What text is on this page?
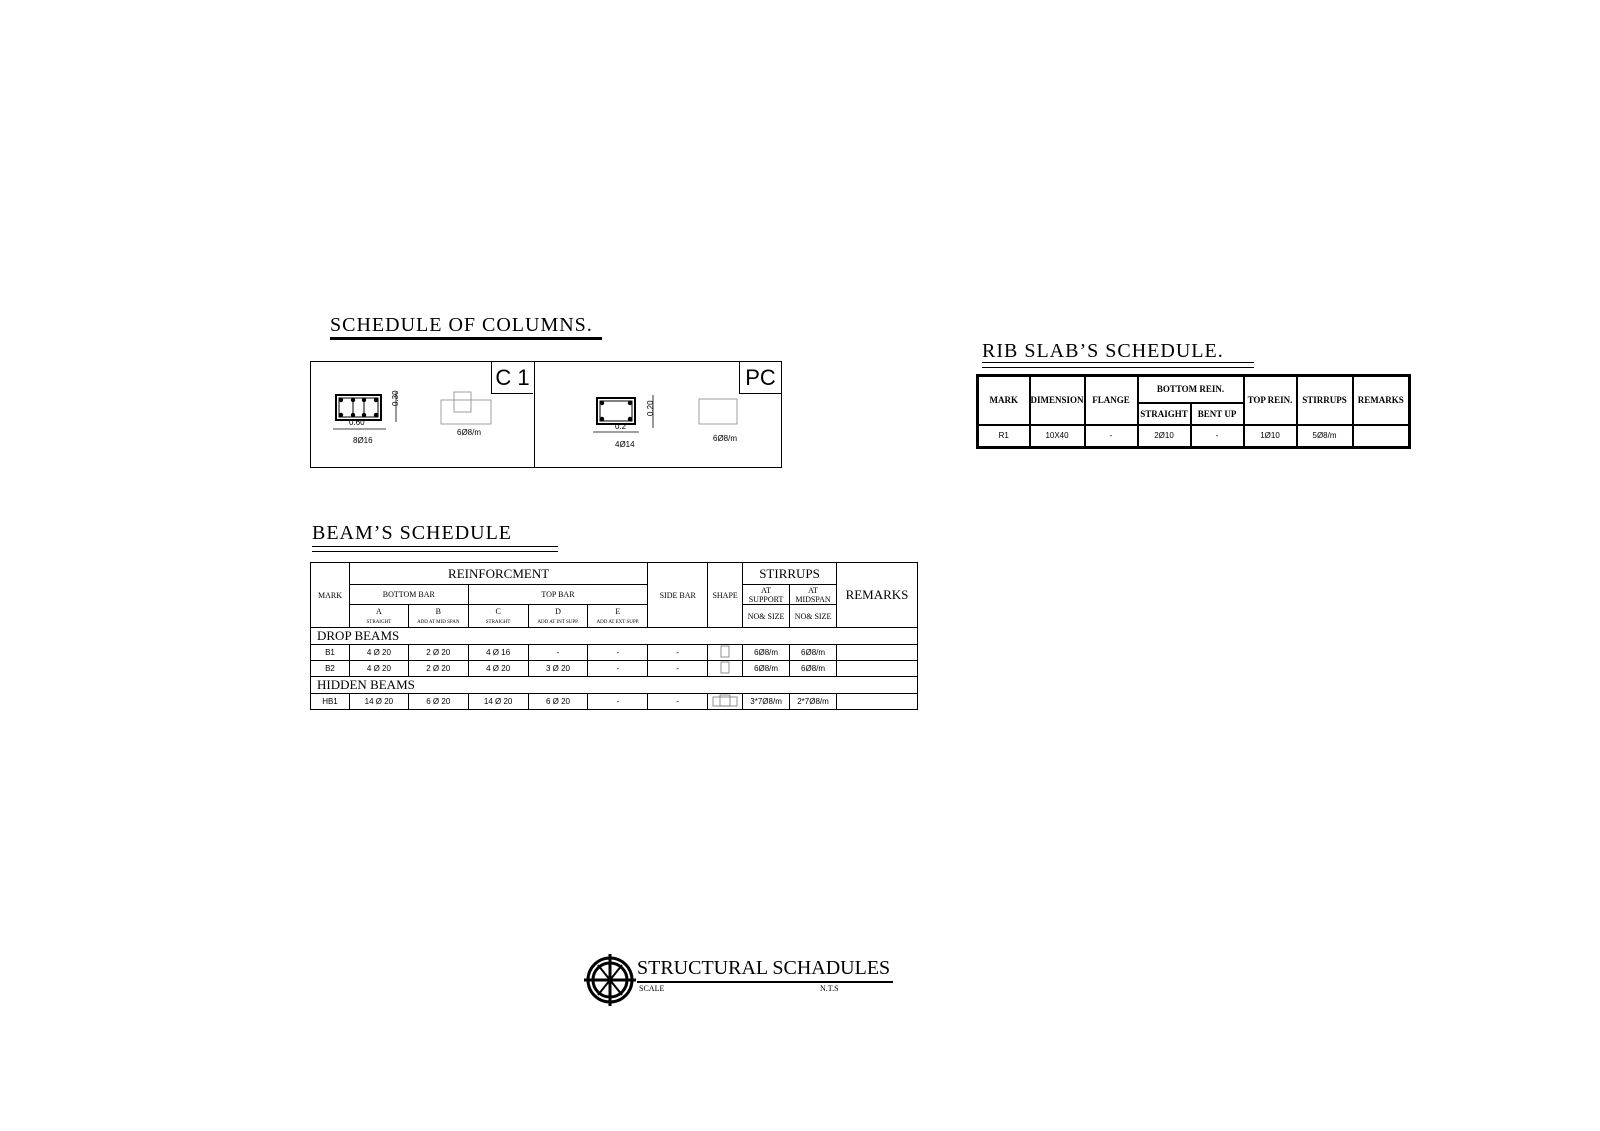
SCHEDULE OF COLUMNS.
C 1	PC
0.60
0.30
8Ø16
6Ø8/m
0.2
0.20
4Ø14
6Ø8/m
BEAM’S SCHEDULE
MARK	REINFORCMENT					SIDE BAR	SHAPE	STIRRUPS		REMARKS
	BOTTOM BAR		TOP BAR					AT SUPPORT	AT MIDSPAN	
	A	B	C	D	E			NO& SIZE	NO& SIZE	
	STRAIGHT	ADD AT MID SPAN	STRAIGHT	ADD AT INT SUPP.	ADD AT EXT SUPP.					
DROP BEAMS										
B1	4 Ø 20	2 Ø 20	4 Ø 16	-	-	-		6Ø8/m	6Ø8/m	
B2	4 Ø 20	2 Ø 20	4 Ø 20	3 Ø 20	-	-		6Ø8/m	6Ø8/m	
HIDDEN BEAMS										
HB1	14 Ø 20	6 Ø 20	14 Ø 20	6 Ø 20	-	-		3*7Ø8/m	2*7Ø8/m	
RIB SLAB’S SCHEDULE.
MARK	DIMENSION	FLANGE	BOTTOM REIN.		TOP REIN.	STIRRUPS	REMARKS
			STRAIGHT	BENT UP			
R1	10X40	-	2Ø10	-	1Ø10	5Ø8/m	
STRUCTURAL SCHADULES
SCALE	N.T.S
